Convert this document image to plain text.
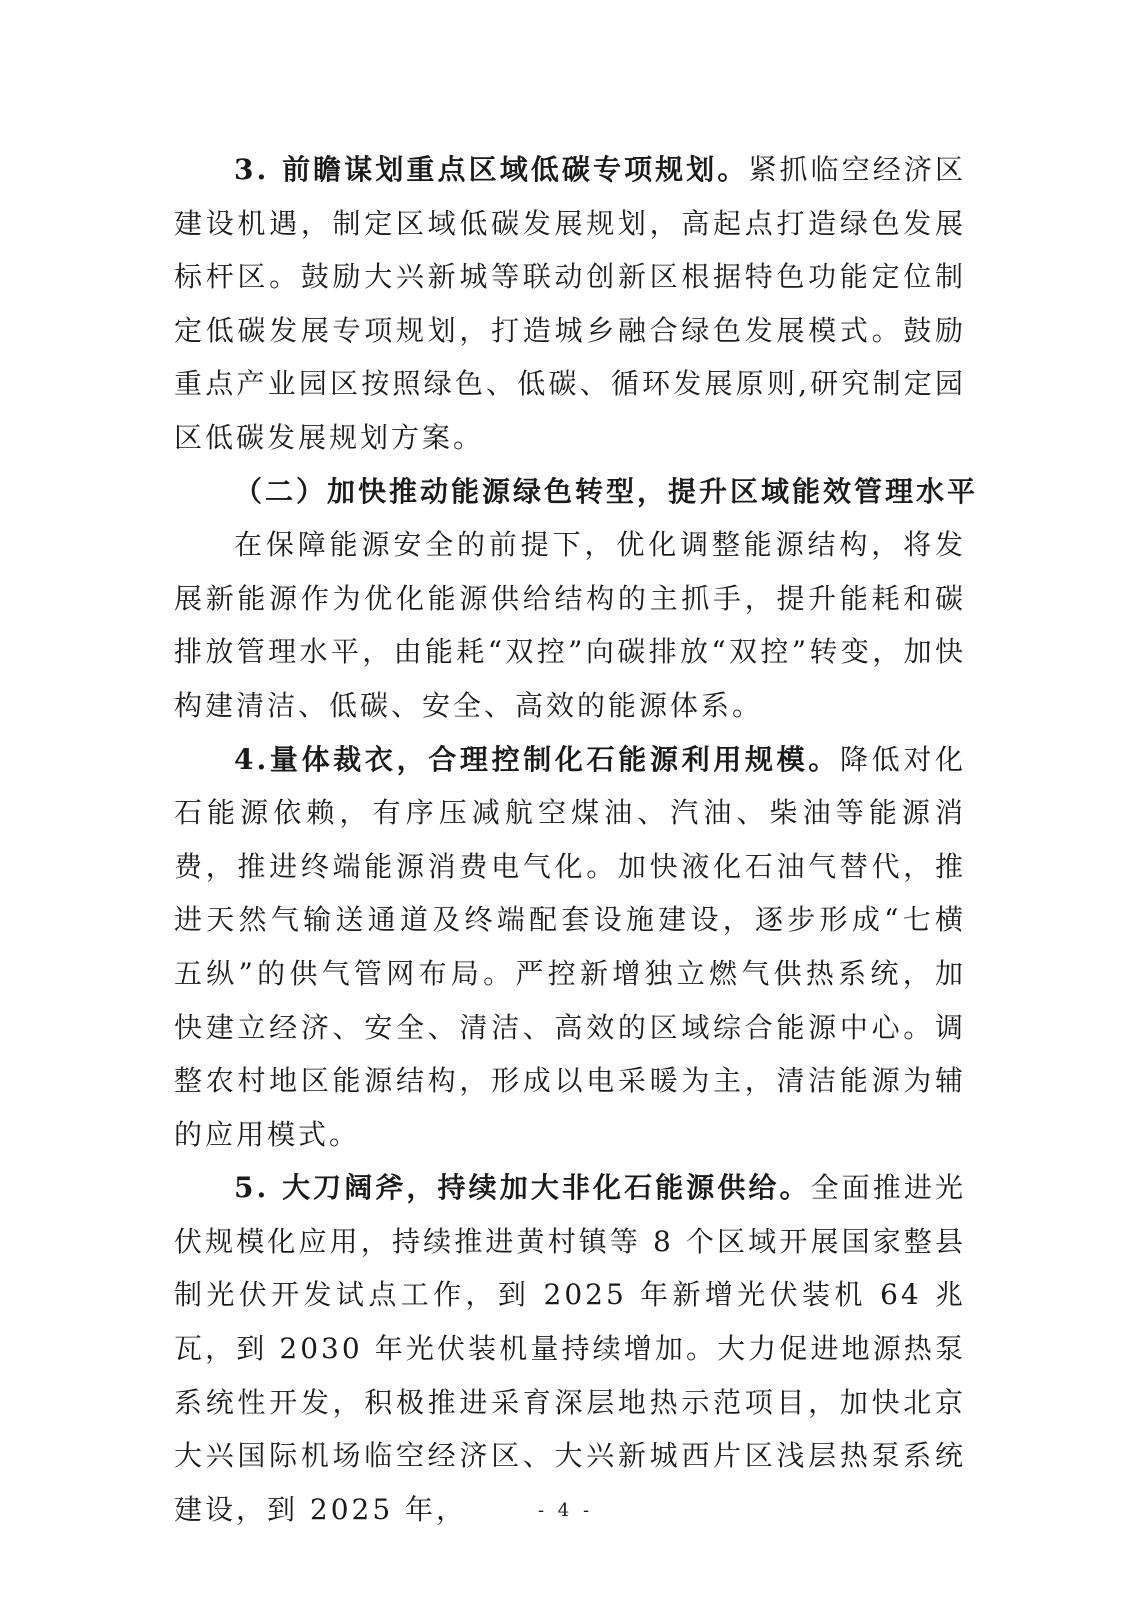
3. 前瞻谋划重点区域低碳专项规划。紧抓临空经济区建设机遇，制定区域低碳发展规划，高起点打造绿色发展标杆区。鼓励大兴新城等联动创新区根据特色功能定位制定低碳发展专项规划，打造城乡融合绿色发展模式。鼓励重点产业园区按照绿色、低碳、循环发展原则,研究制定园区低碳发展规划方案。

（二）加快推动能源绿色转型，提升区域能效管理水平

在保障能源安全的前提下，优化调整能源结构，将发展新能源作为优化能源供给结构的主抓手，提升能耗和碳排放管理水平，由能耗“双控”向碳排放“双控”转变，加快构建清洁、低碳、安全、高效的能源体系。

4.量体裁衣，合理控制化石能源利用规模。降低对化石能源依赖，有序压减航空煤油、汽油、柴油等能源消费，推进终端能源消费电气化。加快液化石油气替代，推进天然气输送通道及终端配套设施建设，逐步形成“七横五纵”的供气管网布局。严控新增独立燃气供热系统，加快建立经济、安全、清洁、高效的区域综合能源中心。调整农村地区能源结构，形成以电采暖为主，清洁能源为辅的应用模式。

5. 大刀阔斧，持续加大非化石能源供给。全面推进光伏规模化应用，持续推进黄村镇等 8 个区域开展国家整县制光伏开发试点工作，到 2025 年新增光伏装机 64 兆瓦，到 2030 年光伏装机量持续增加。大力促进地源热泵系统性开发，积极推进采育深层地热示范项目，加快北京大兴国际机场临空经济区、大兴新城西片区浅层热泵系统建设，到 2025 年，	- 4 -
